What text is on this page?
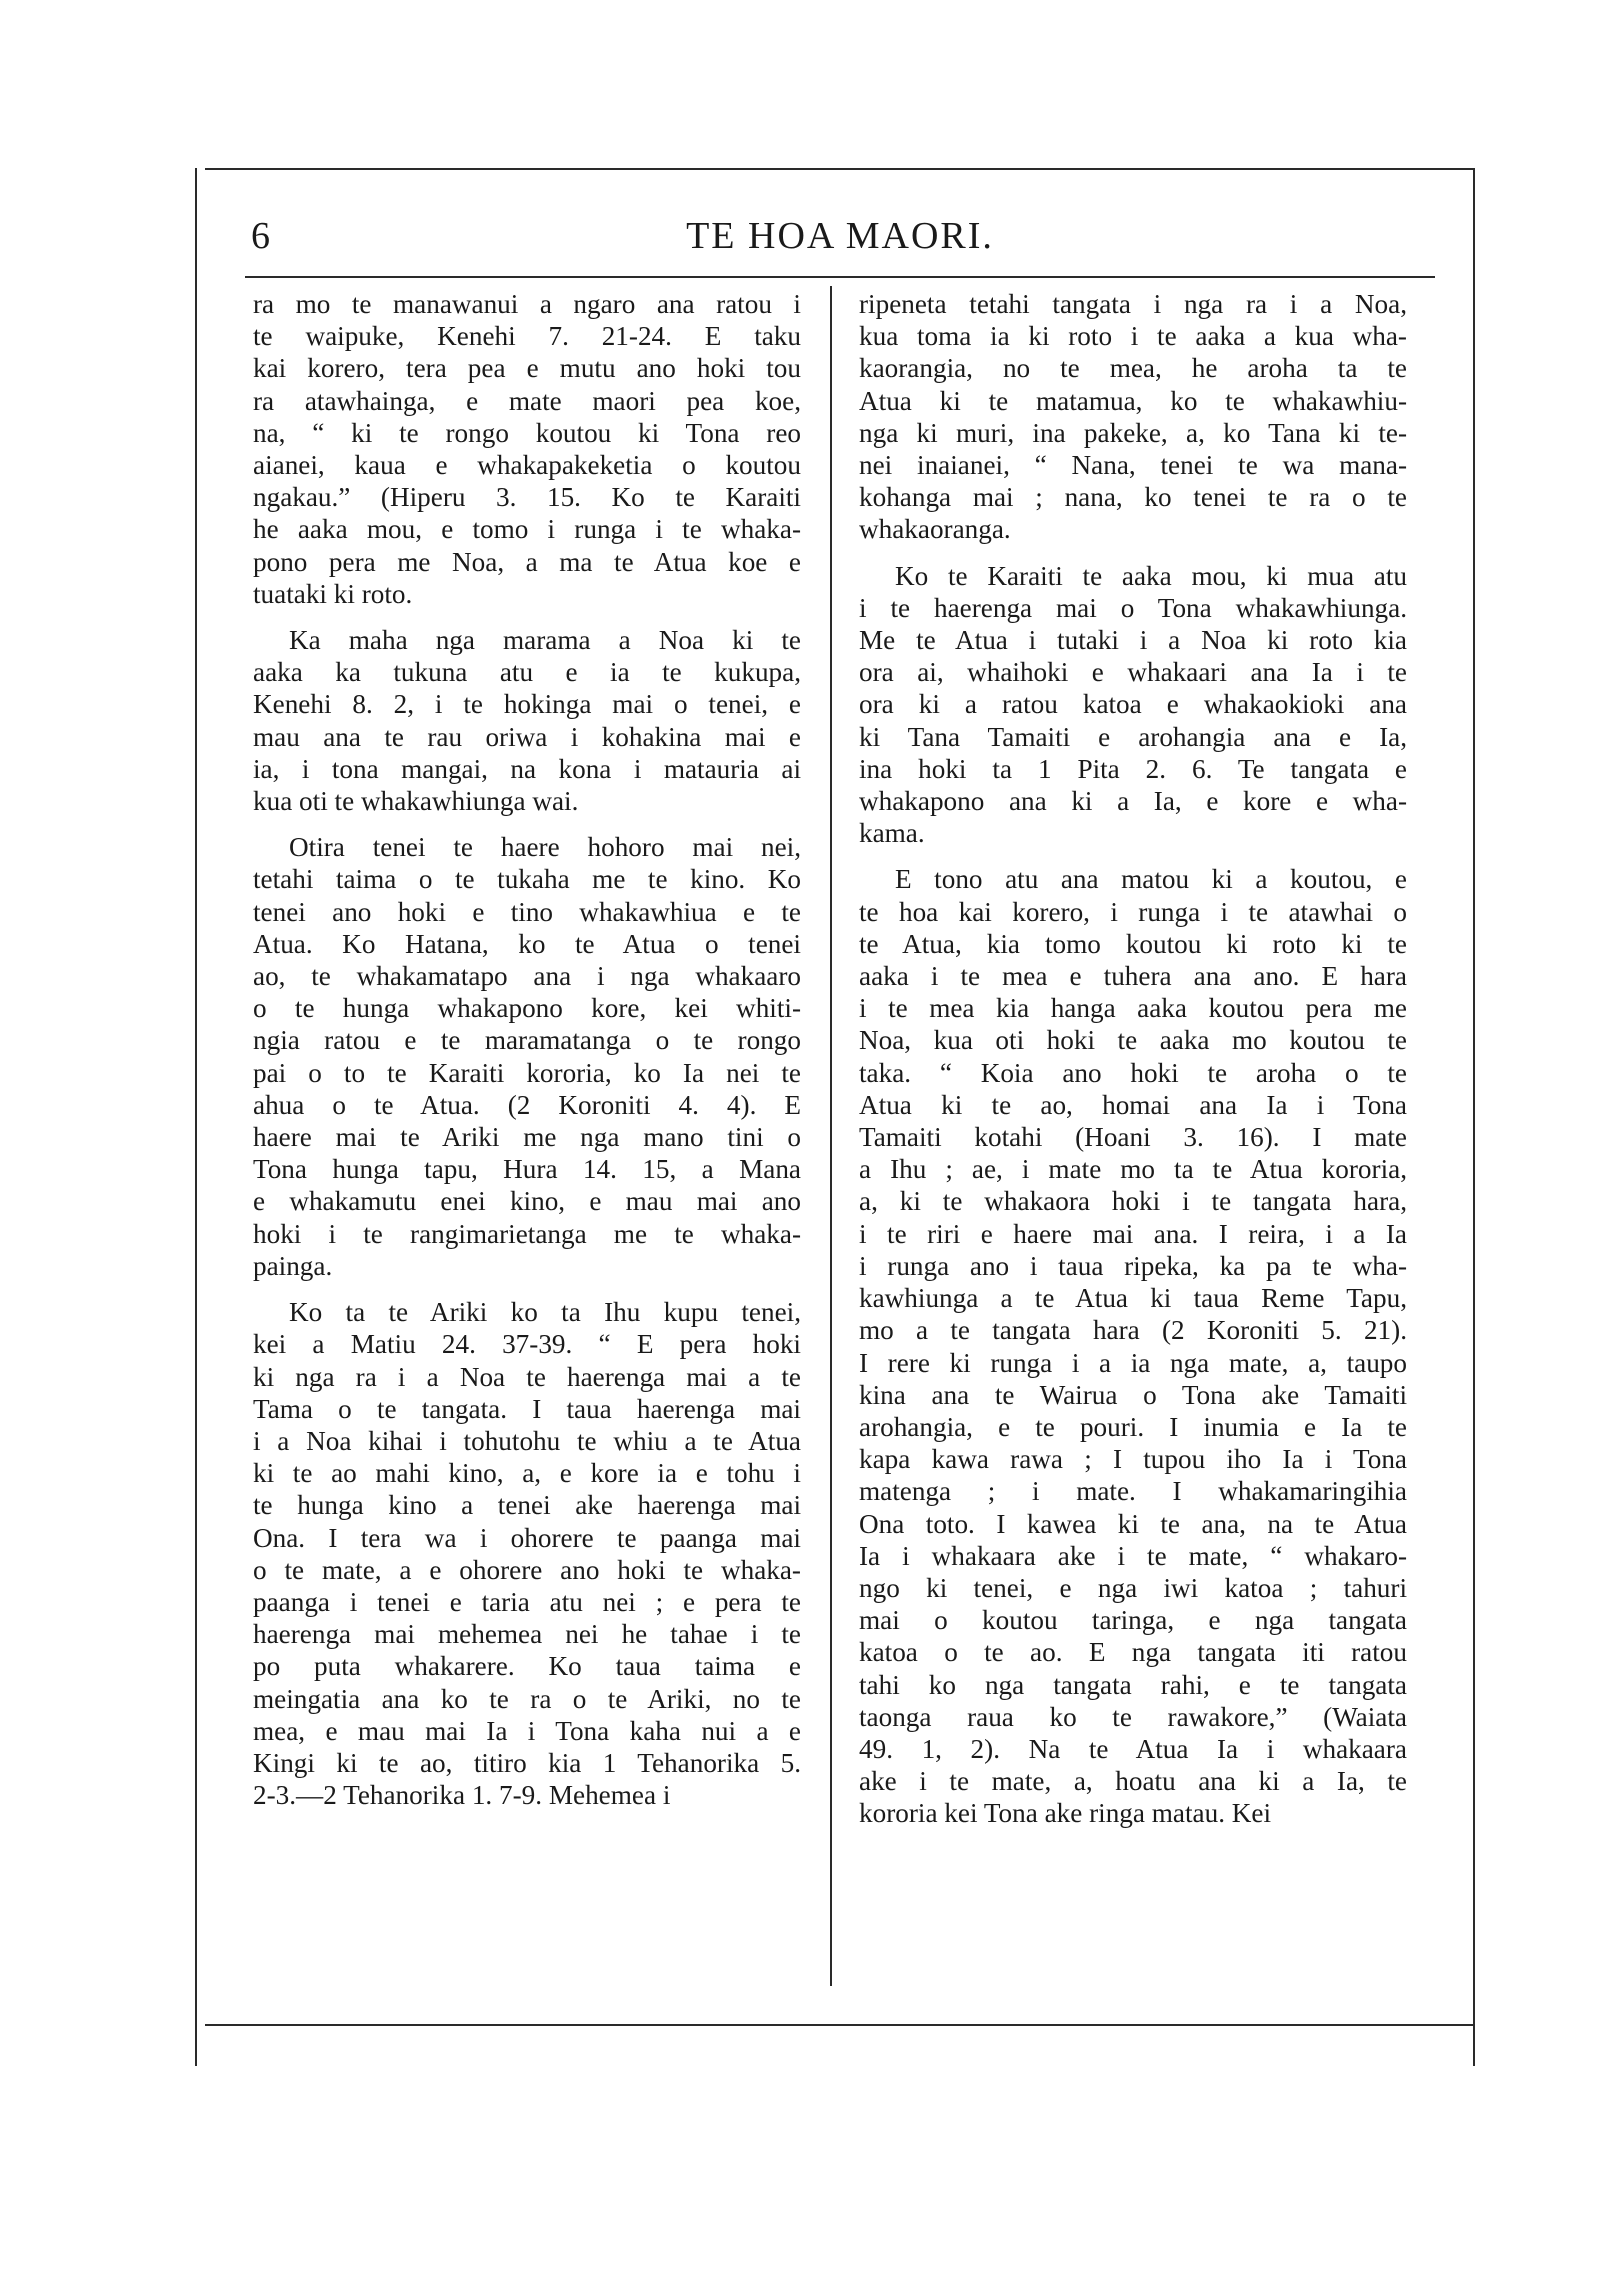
6	TE HOA MAORI.
ra mo te manawanui a ngaro ana ratou i
te waipuke, Kenehi 7. 21-24. E taku
kai korero, tera pea e mutu ano hoki tou
ra atawhainga, e mate maori pea koe,
na, “ ki te rongo koutou ki Tona reo
aianei, kaua e whakapakeketia o koutou
ngakau.” (Hiperu 3. 15. Ko te Karaiti
he aaka mou, e tomo i runga i te whaka-
pono pera me Noa, a ma te Atua koe e
tuataki ki roto.
Ka maha nga marama a Noa ki te
aaka ka tukuna atu e ia te kukupa,
Kenehi 8. 2, i te hokinga mai o tenei, e
mau ana te rau oriwa i kohakina mai e
ia, i tona mangai, na kona i matauria ai
kua oti te whakawhiunga wai.
Otira tenei te haere hohoro mai nei,
tetahi taima o te tukaha me te kino. Ko
tenei ano hoki e tino whakawhiua e te
Atua. Ko Hatana, ko te Atua o tenei
ao, te whakamatapo ana i nga whakaaro
o te hunga whakapono kore, kei whiti-
ngia ratou e te maramatanga o te rongo
pai o to te Karaiti kororia, ko Ia nei te
ahua o te Atua. (2 Koroniti 4. 4). E
haere mai te Ariki me nga mano tini o
Tona hunga tapu, Hura 14. 15, a Mana
e whakamutu enei kino, e mau mai ano
hoki i te rangimarietanga me te whaka-
painga.
Ko ta te Ariki ko ta Ihu kupu tenei,
kei a Matiu 24. 37-39. “ E pera hoki
ki nga ra i a Noa te haerenga mai a te
Tama o te tangata. I taua haerenga mai
i a Noa kihai i tohutohu te whiu a te Atua
ki te ao mahi kino, a, e kore ia e tohu i
te hunga kino a tenei ake haerenga mai
Ona. I tera wa i ohorere te paanga mai
o te mate, a e ohorere ano hoki te whaka-
paanga i tenei e taria atu nei ; e pera te
haerenga mai mehemea nei he tahae i te
po puta whakarere. Ko taua taima e
meingatia ana ko te ra o te Ariki, no te
mea, e mau mai Ia i Tona kaha nui a e
Kingi ki te ao, titiro kia 1 Tehanorika 5.
2-3.—2 Tehanorika 1. 7-9. Mehemea i
ripeneta tetahi tangata i nga ra i a Noa,
kua toma ia ki roto i te aaka a kua wha-
kaorangia, no te mea, he aroha ta te
Atua ki te matamua, ko te whakawhiu-
nga ki muri, ina pakeke, a, ko Tana ki te-
nei inaianei, “ Nana, tenei te wa mana-
kohanga mai ; nana, ko tenei te ra o te
whakaoranga.
Ko te Karaiti te aaka mou, ki mua atu
i te haerenga mai o Tona whakawhiunga.
Me te Atua i tutaki i a Noa ki roto kia
ora ai, whaihoki e whakaari ana Ia i te
ora ki a ratou katoa e whakaokioki ana
ki Tana Tamaiti e arohangia ana e Ia,
ina hoki ta 1 Pita 2. 6. Te tangata e
whakapono ana ki a Ia, e kore e wha-
kama.
E tono atu ana matou ki a koutou, e
te hoa kai korero, i runga i te atawhai o
te Atua, kia tomo koutou ki roto ki te
aaka i te mea e tuhera ana ano. E hara
i te mea kia hanga aaka koutou pera me
Noa, kua oti hoki te aaka mo koutou te
taka. “ Koia ano hoki te aroha o te
Atua ki te ao, homai ana Ia i Tona
Tamaiti kotahi (Hoani 3. 16). I mate
a Ihu ; ae, i mate mo ta te Atua kororia,
a, ki te whakaora hoki i te tangata hara,
i te riri e haere mai ana. I reira, i a Ia
i runga ano i taua ripeka, ka pa te wha-
kawhiunga a te Atua ki taua Reme Tapu,
mo a te tangata hara (2 Koroniti 5. 21).
I rere ki runga i a ia nga mate, a, taupo
kina ana te Wairua o Tona ake Tamaiti
arohangia, e te pouri. I inumia e Ia te
kapa kawa rawa ; I tupou iho Ia i Tona
matenga ; i mate. I whakamaringihia
Ona toto. I kawea ki te ana, na te Atua
Ia i whakaara ake i te mate, “ whakaro-
ngo ki tenei, e nga iwi katoa ; tahuri
mai o koutou taringa, e nga tangata
katoa o te ao. E nga tangata iti ratou
tahi ko nga tangata rahi, e te tangata
taonga raua ko te rawakore,” (Waiata
49. 1, 2). Na te Atua Ia i whakaara
ake i te mate, a, hoatu ana ki a Ia, te
kororia kei Tona ake ringa matau. Kei
